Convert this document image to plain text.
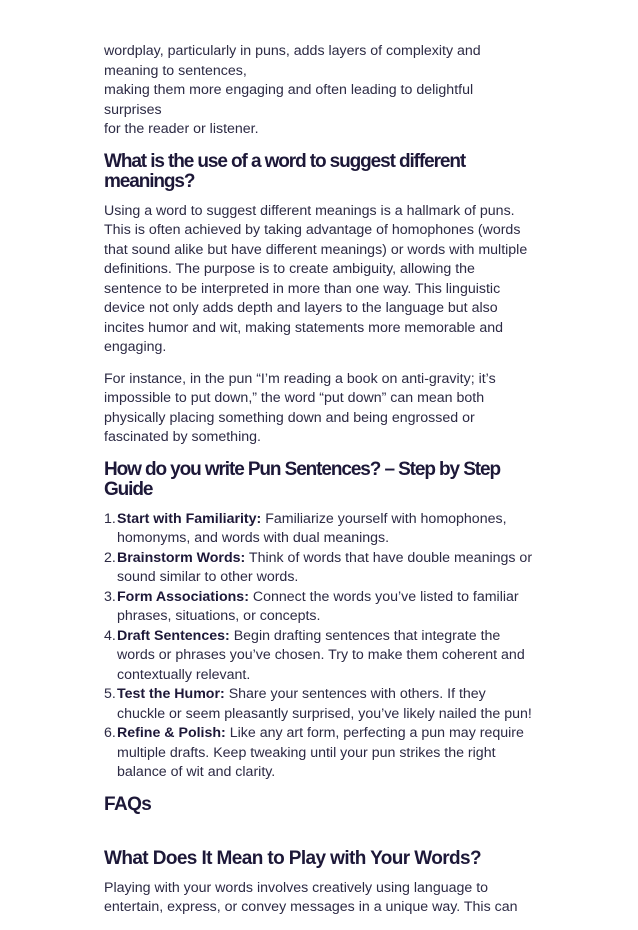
wordplay, particularly in puns, adds layers of complexity and meaning to sentences,
making them more engaging and often leading to delightful surprises
for the reader or listener.

What is the use of a word to suggest different meanings?

Using a word to suggest different meanings is a hallmark of puns. This is often achieved by taking advantage of homophones (words that sound alike but have different meanings) or words with multiple definitions. The purpose is to create ambiguity, allowing the sentence to be interpreted in more than one way. This linguistic device not only adds depth and layers to the language but also incites humor and wit, making statements more memorable and engaging.

For instance, in the pun “I’m reading a book on anti-gravity; it’s impossible to put down,” the word “put down” can mean both physically placing something down and being engrossed or fascinated by something.

How do you write Pun Sentences? – Step by Step Guide
1. Start with Familiarity: Familiarize yourself with homophones, homonyms, and words with dual meanings.
2. Brainstorm Words: Think of words that have double meanings or sound similar to other words.
3. Form Associations: Connect the words you’ve listed to familiar phrases, situations, or concepts.
4. Draft Sentences: Begin drafting sentences that integrate the words or phrases you’ve chosen. Try to make them coherent and contextually relevant.
5. Test the Humor: Share your sentences with others. If they chuckle or seem pleasantly surprised, you’ve likely nailed the pun!
6. Refine & Polish: Like any art form, perfecting a pun may require multiple drafts. Keep tweaking until your pun strikes the right balance of wit and clarity.
FAQs
What Does It Mean to Play with Your Words?

Playing with your words involves creatively using language to entertain, express, or convey messages in a unique way. This can
